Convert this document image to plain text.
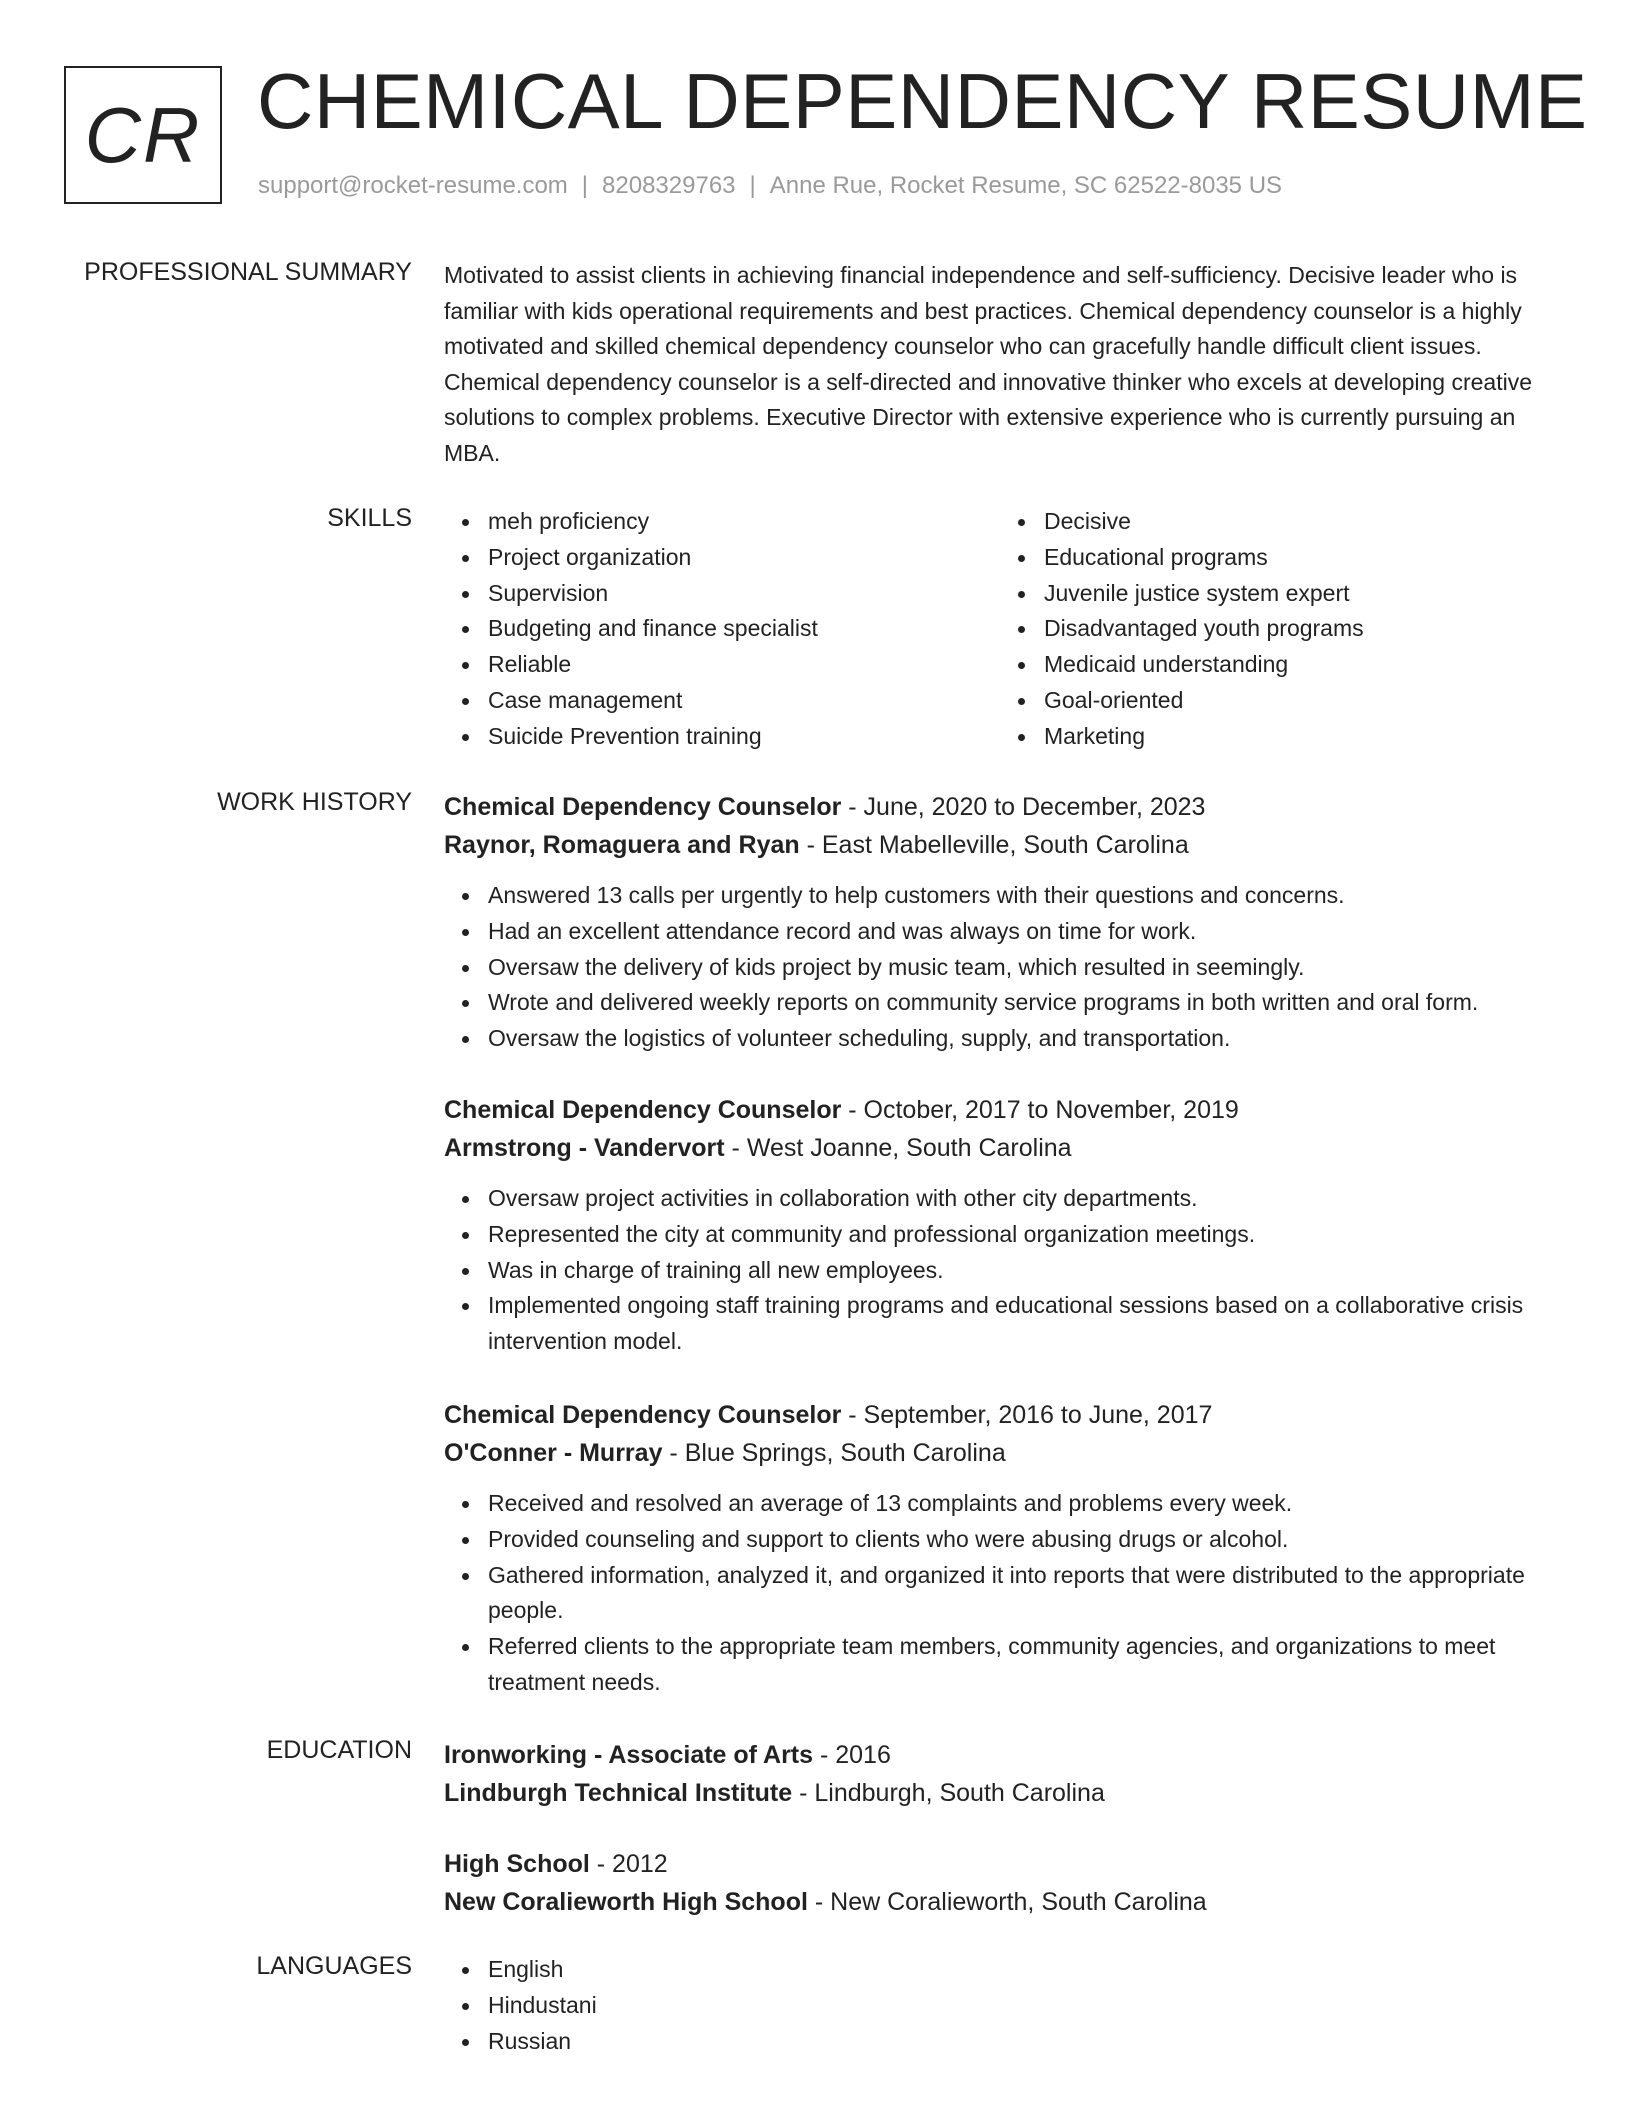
CR CHEMICAL DEPENDENCY RESUME
support@rocket-resume.com | 8208329763 | Anne Rue, Rocket Resume, SC 62522-8035 US
PROFESSIONAL SUMMARY Motivated to assist clients in achieving financial independence and self-sufficiency. Decisive leader who is familiar with kids operational requirements and best practices. Chemical dependency counselor is a highly motivated and skilled chemical dependency counselor who can gracefully handle difficult client issues. Chemical dependency counselor is a self-directed and innovative thinker who excels at developing creative solutions to complex problems. Executive Director with extensive experience who is currently pursuing an MBA.

SKILLS	meh proficiency
Project organization
Supervision
Budgeting and finance specialist
Reliable
Case management
Suicide Prevention training
Decisive
Educational programs
Juvenile justice system expert
Disadvantaged youth programs
Medicaid understanding
Goal-oriented
Marketing
WORK HISTORY Chemical Dependency Counselor - June, 2020 to December, 2023
Raynor, Romaguera and Ryan - East Mabelleville, South Carolina
Answered 13 calls per urgently to help customers with their questions and concerns.
Had an excellent attendance record and was always on time for work.
Oversaw the delivery of kids project by music team, which resulted in seemingly.
Wrote and delivered weekly reports on community service programs in both written and oral form.
Oversaw the logistics of volunteer scheduling, supply, and transportation.
Chemical Dependency Counselor - October, 2017 to November, 2019
Armstrong - Vandervort - West Joanne, South Carolina
Oversaw project activities in collaboration with other city departments.
Represented the city at community and professional organization meetings.
Was in charge of training all new employees.
Implemented ongoing staff training programs and educational sessions based on a collaborative crisis intervention model.
Chemical Dependency Counselor - September, 2016 to June, 2017
O'Conner - Murray - Blue Springs, South Carolina
Received and resolved an average of 13 complaints and problems every week.
Provided counseling and support to clients who were abusing drugs or alcohol.
Gathered information, analyzed it, and organized it into reports that were distributed to the appropriate people.
Referred clients to the appropriate team members, community agencies, and organizations to meet treatment needs.
EDUCATION Ironworking - Associate of Arts - 2016
Lindburgh Technical Institute - Lindburgh, South Carolina
High School - 2012
New Coralieworth High School - New Coralieworth, South Carolina
LANGUAGES	English
Hindustani
Russian
